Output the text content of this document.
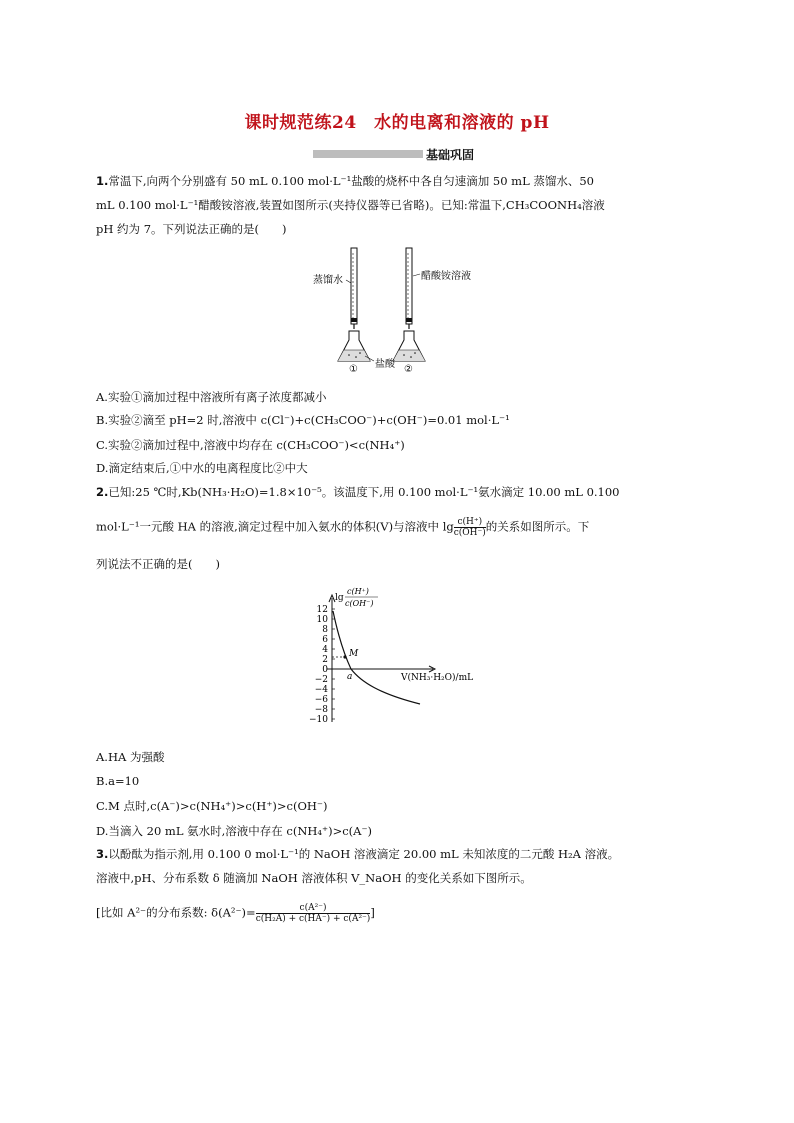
课时规范练24　水的电离和溶液的 pH
基础巩固
1.常温下,向两个分别盛有 50 mL 0.100 mol·L⁻¹盐酸的烧杯中各自匀速滴加 50 mL 蒸馏水、50
mL 0.100 mol·L⁻¹醋酸铵溶液,装置如图所示(夹持仪器等已省略)。已知:常温下,CH₃COONH₄溶液
pH 约为 7。下列说法正确的是(　　)
蒸馏水	醋酸铵溶液
盐酸
①	②
A.实验①滴加过程中溶液所有离子浓度都减小
B.实验②滴至 pH=2 时,溶液中 c(Cl⁻)+c(CH₃COO⁻)+c(OH⁻)=0.01 mol·L⁻¹
C.实验②滴加过程中,溶液中均存在 c(CH₃COO⁻)<c(NH₄⁺)
D.滴定结束后,①中水的电离程度比②中大
2.已知:25 ℃时,Kb(NH₃·H₂O)=1.8×10⁻⁵。该温度下,用 0.100 mol·L⁻¹氨水滴定 10.00 mL 0.100
mol·L⁻¹一元酸 HA 的溶液,滴定过程中加入氨水的体积(V)与溶液中 $\lg \frac{c(H^+)}{c(OH^-)}$ 的关系如图所示。下
列说法不正确的是(　　)
12
10
8
6
4
2
0
−2
−4
−6
−8
−10
lg
c(H⁺)
c(OH⁻)
M
a	V(NH₃·H₂O)/mL
A.HA 为强酸
B.a=10
C.M 点时,c(A⁻)>c(NH₄⁺)>c(H⁺)>c(OH⁻)
D.当滴入 20 mL 氨水时,溶液中存在 c(NH₄⁺)>c(A⁻)
3.以酚酞为指示剂,用 0.100 0 mol·L⁻¹的 NaOH 溶液滴定 20.00 mL 未知浓度的二元酸 H₂A 溶液。
溶液中,pH、分布系数 δ 随滴加 NaOH 溶液体积 V_NaOH 的变化关系如下图所示。
[比如 A²⁻的分布系数: $\delta(A^{2-})= \frac{\text{c(A²⁻)}}{\text{c(H₂A) + c(HA⁻) + c(A²⁻)}}$ ]
